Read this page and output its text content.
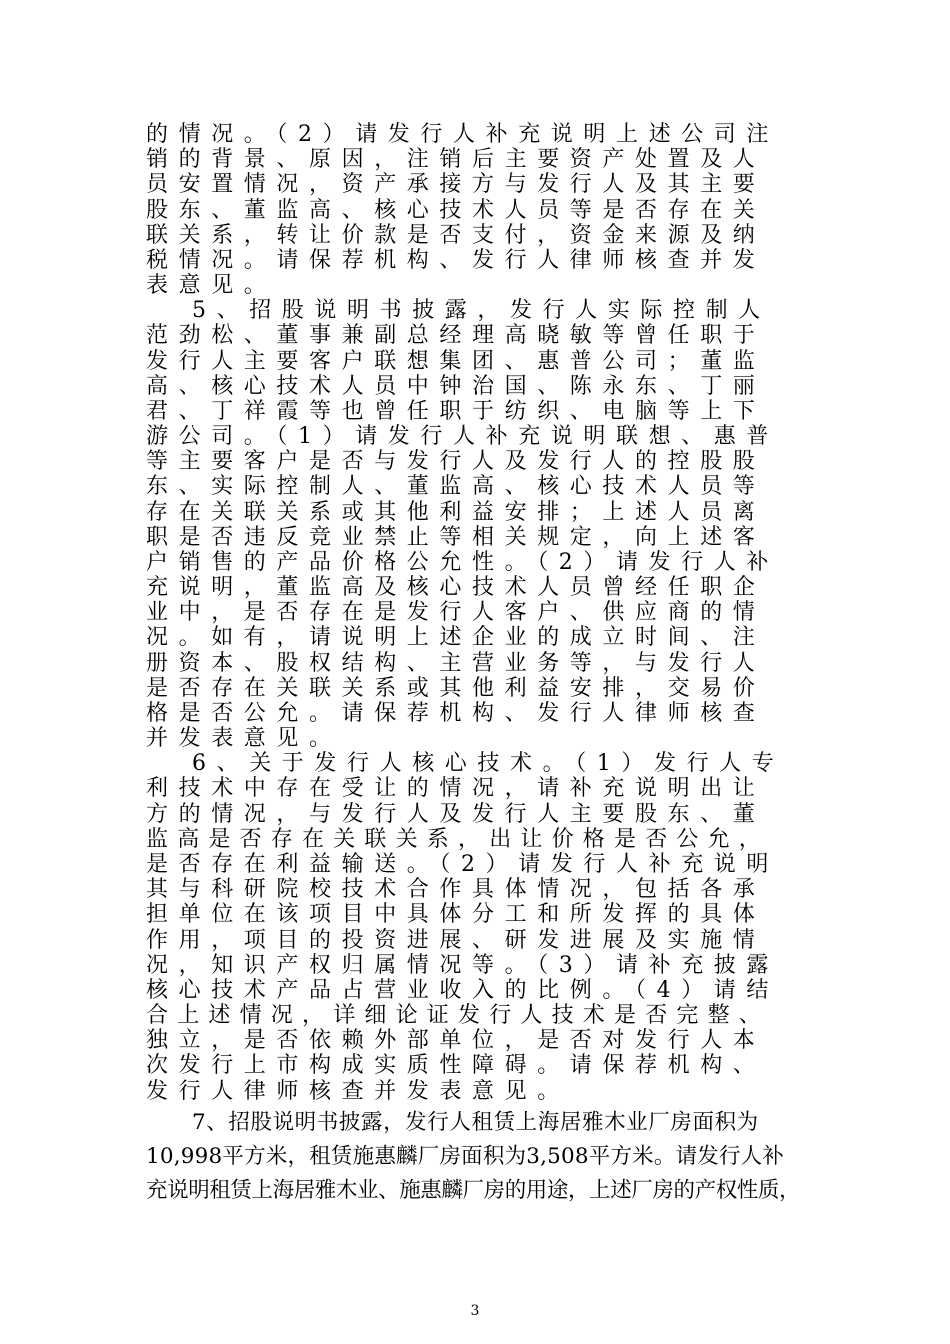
的情况。（2）请发行人补充说明上述公司注
销的背景、原因，注销后主要资产处置及人
员安置情况，资产承接方与发行人及其主要
股东、董监高、核心技术人员等是否存在关
联关系，转让价款是否支付，资金来源及纳
税情况。请保荐机构、发行人律师核查并发
表意见。
5、招股说明书披露，发行人实际控制人
范劲松、董事兼副总经理高晓敏等曾任职于
发行人主要客户联想集团、惠普公司；董监
高、核心技术人员中钟治国、陈永东、丁丽
君、丁祥霞等也曾任职于纺织、电脑等上下
游公司。（1）请发行人补充说明联想、惠普
等主要客户是否与发行人及发行人的控股股
东、实际控制人、董监高、核心技术人员等
存在关联关系或其他利益安排；上述人员离
职是否违反竞业禁止等相关规定，向上述客
户销售的产品价格公允性。（2）请发行人补
充说明，董监高及核心技术人员曾经任职企
业中，是否存在是发行人客户、供应商的情
况。如有，请说明上述企业的成立时间、注
册资本、股权结构、主营业务等，与发行人
是否存在关联关系或其他利益安排，交易价
格是否公允。请保荐机构、发行人律师核查
并发表意见。
6、关于发行人核心技术。（1）发行人专
利技术中存在受让的情况，请补充说明出让
方的情况，与发行人及发行人主要股东、董
监高是否存在关联关系，出让价格是否公允，
是否存在利益输送。（2）请发行人补充说明
其与科研院校技术合作具体情况，包括各承
担单位在该项目中具体分工和所发挥的具体
作用，项目的投资进展、研发进展及实施情
况，知识产权归属情况等。（3）请补充披露
核心技术产品占营业收入的比例。（4）请结
合上述情况，详细论证发行人技术是否完整、
独立，是否依赖外部单位，是否对发行人本
次发行上市构成实质性障碍。请保荐机构、
发行人律师核查并发表意见。
7、招股说明书披露，发行人租赁上海居雅木业厂房面积为
10,998平方米，租赁施惠麟厂房面积为3,508平方米。请发行人补
充说明租赁上海居雅木业、施惠麟厂房的用途，上述厂房的产权性质，
3
